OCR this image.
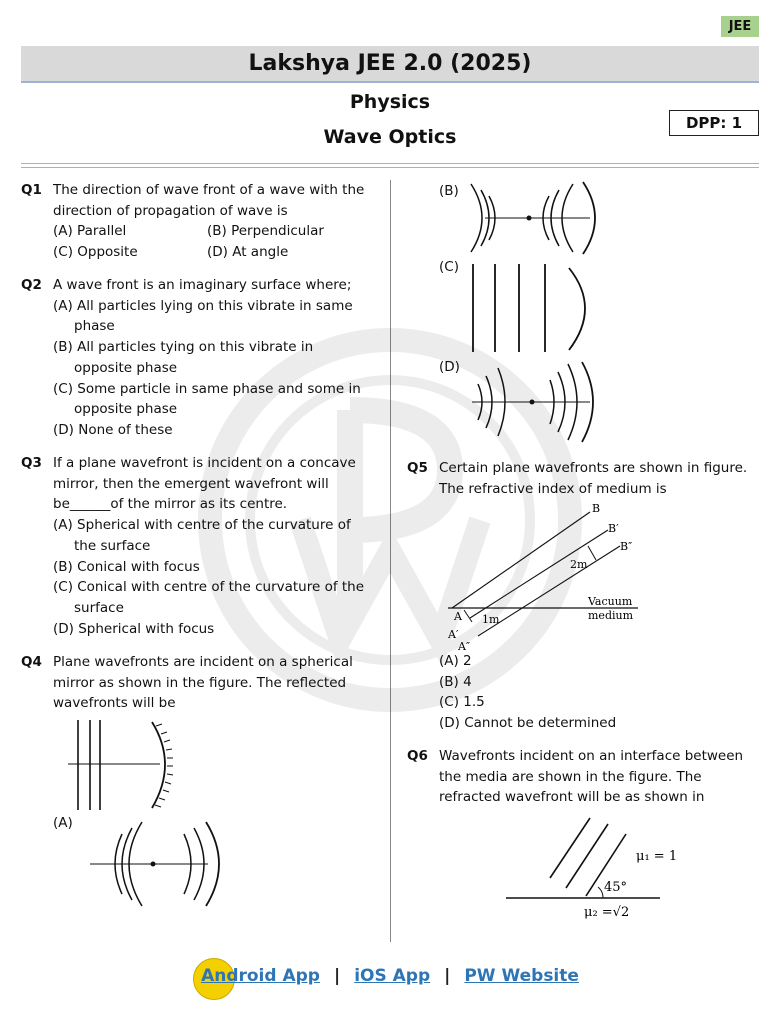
JEE
Lakshya JEE 2.0 (2025)
Physics
Wave Optics
DPP: 1
Q1 The direction of wave front of a wave with the direction of propagation of wave is
(A) Parallel	(B) Perpendicular
(C) Opposite	(D) At angle
Q2 A wave front is an imaginary surface where;
(A) All particles lying on this vibrate in same phase
(B) All particles tying on this vibrate in opposite phase
(C) Some particle in same phase and some in opposite phase
(D) None of these
Q3 If a plane wavefront is incident on a concave mirror, then the emergent wavefront will be______of the mirror as its centre.
(A) Spherical with centre of the curvature of the surface
(B) Conical with focus
(C) Conical with centre of the curvature of the surface
(D) Spherical with focus
Q4 Plane wavefronts are incident on a spherical mirror as shown in the figure. The reflected wavefronts will be
(A)
(B)
(C)
(D)
Q5 Certain plane wavefronts are shown in figure. The refractive index of medium is
B
B′
B″
2m
A
A′
A″
1m
Vacuum
medium
(A) 2
(B) 4
(C) 1.5
(D) Cannot be determined
Q6 Wavefronts incident on an interface between the media are shown in the figure. The refracted wavefront will be as shown in
μ₁ = 1
45°
μ₂ =√2
Android App | iOS App | PW Website
